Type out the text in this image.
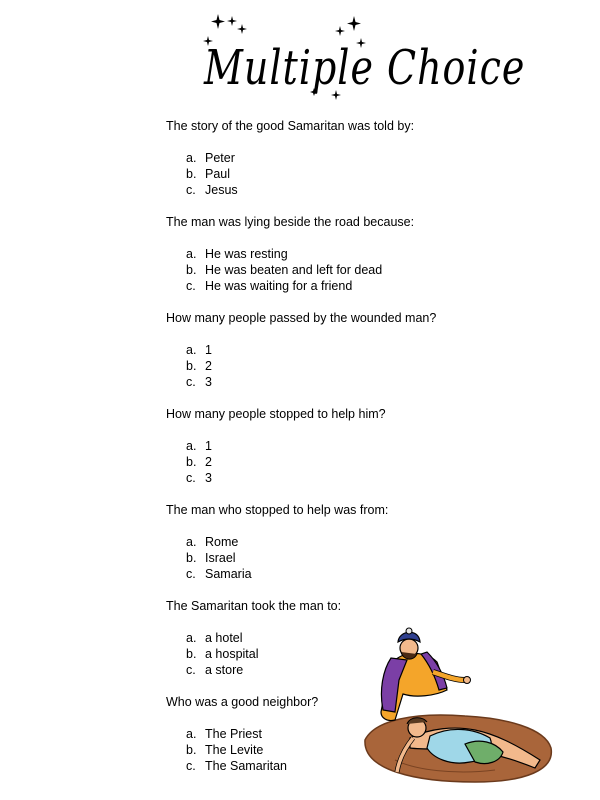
Multiple Choice
The story of the good Samaritan was told by:
a. Peter
b. Paul
c. Jesus
The man was lying beside the road because:
a. He was resting
b. He was beaten and left for dead
c. He was waiting for a friend
How many people passed by the wounded man?
a. 1
b. 2
c. 3
How many people stopped to help him?
a. 1
b. 2
c. 3
The man who stopped to help was from:
a. Rome
b. Israel
c. Samaria
The Samaritan took the man to:
a. a hotel
b. a hospital
c. a store
Who was a good neighbor?
a. The Priest
b. The Levite
c. The Samaritan
